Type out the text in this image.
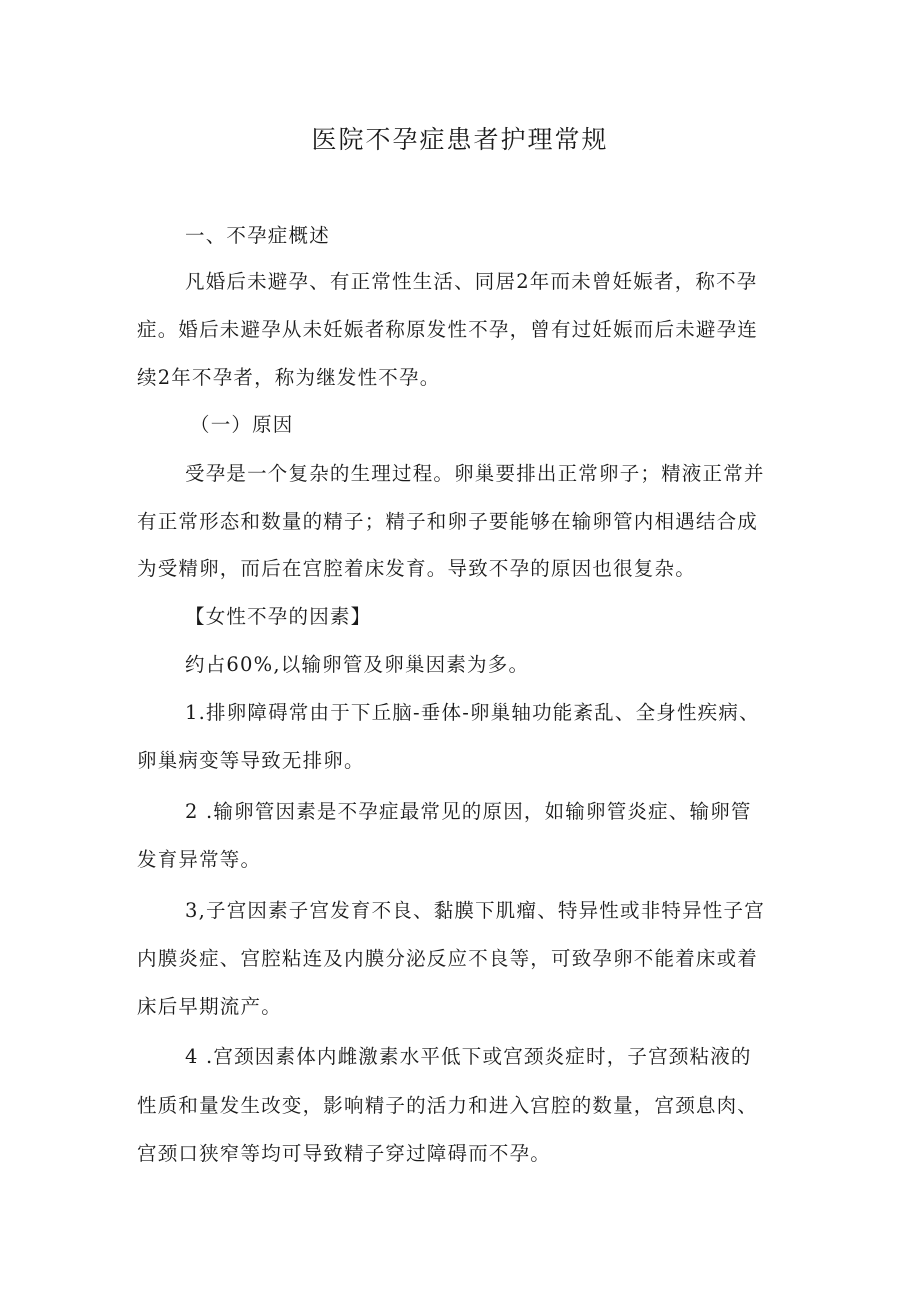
医院不孕症患者护理常规
一、不孕症概述
凡婚后未避孕、有正常性生活、同居2年而未曾妊娠者，称不孕
症。婚后未避孕从未妊娠者称原发性不孕，曾有过妊娠而后未避孕连
续2年不孕者，称为继发性不孕。
（一）原因
受孕是一个复杂的生理过程。卵巢要排出正常卵子；精液正常并
有正常形态和数量的精子；精子和卵子要能够在输卵管内相遇结合成
为受精卵，而后在宫腔着床发育。导致不孕的原因也很复杂。
【女性不孕的因素】
约占60%,以输卵管及卵巢因素为多。
1.排卵障碍常由于下丘脑-垂体-卵巢轴功能紊乱、全身性疾病、
卵巢病变等导致无排卵。
2 .输卵管因素是不孕症最常见的原因，如输卵管炎症、输卵管
发育异常等。
3,子宫因素子宫发育不良、黏膜下肌瘤、特异性或非特异性子宫
内膜炎症、宫腔粘连及内膜分泌反应不良等，可致孕卵不能着床或着
床后早期流产。
4 .宫颈因素体内雌激素水平低下或宫颈炎症时，子宫颈粘液的
性质和量发生改变，影响精子的活力和进入宫腔的数量，宫颈息肉、
宫颈口狭窄等均可导致精子穿过障碍而不孕。
